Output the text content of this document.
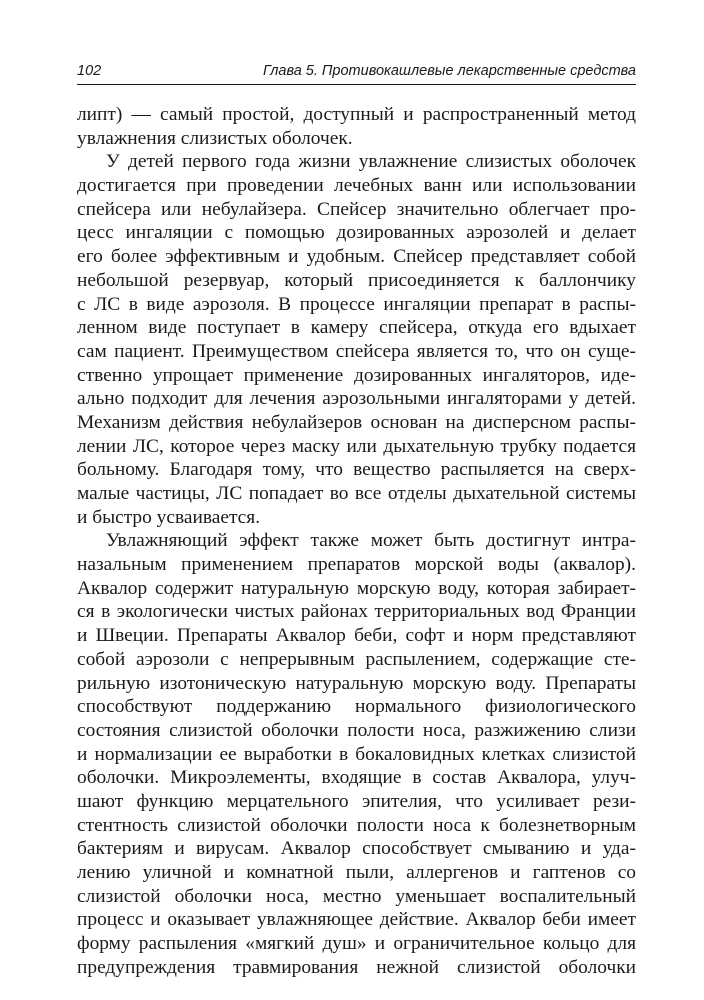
102	Глава 5. Противокашлевые лекарственные средства
липт) — самый простой, доступный и распространенный метод
увлажнения слизистых оболочек.
У детей первого года жизни увлажнение слизистых оболочек
достигается при проведении лечебных ванн или использовании
спейсера или небулайзера. Спейсер значительно облегчает про-
цесс ингаляции с помощью дозированных аэрозолей и делает
его более эффективным и удобным. Спейсер представляет собой
небольшой резервуар, который присоединяется к баллончику
с ЛС в виде аэрозоля. В процессе ингаляции препарат в распы-
ленном виде поступает в камеру спейсера, откуда его вдыхает
сам пациент. Преимуществом спейсера является то, что он суще-
ственно упрощает применение дозированных ингаляторов, иде-
ально подходит для лечения аэрозольными ингаляторами у детей.
Механизм действия небулайзеров основан на дисперсном распы-
лении ЛС, которое через маску или дыхательную трубку подается
больному. Благодаря тому, что вещество распыляется на сверх-
малые частицы, ЛС попадает во все отделы дыхательной системы
и быстро усваивается.
Увлажняющий эффект также может быть достигнут интра-
назальным применением препаратов морской воды (аквалор).
Аквалор содержит натуральную морскую воду, которая забирает-
ся в экологически чистых районах территориальных вод Франции
и Швеции. Препараты Аквалор беби, софт и норм представляют
собой аэрозоли с непрерывным распылением, содержащие сте-
рильную изотоническую натуральную морскую воду. Препараты
способствуют поддержанию нормального физиологического
состояния слизистой оболочки полости носа, разжижению слизи
и нормализации ее выработки в бокаловидных клетках слизистой
оболочки. Микроэлементы, входящие в состав Аквалора, улуч-
шают функцию мерцательного эпителия, что усиливает рези-
стентность слизистой оболочки полости носа к болезнетворным
бактериям и вирусам. Аквалор способствует смыванию и уда-
лению уличной и комнатной пыли, аллергенов и гаптенов со
слизистой оболочки носа, местно уменьшает воспалительный
процесс и оказывает увлажняющее действие. Аквалор беби имеет
форму распыления «мягкий душ» и ограничительное кольцо для
предупреждения травмирования нежной слизистой оболочки
